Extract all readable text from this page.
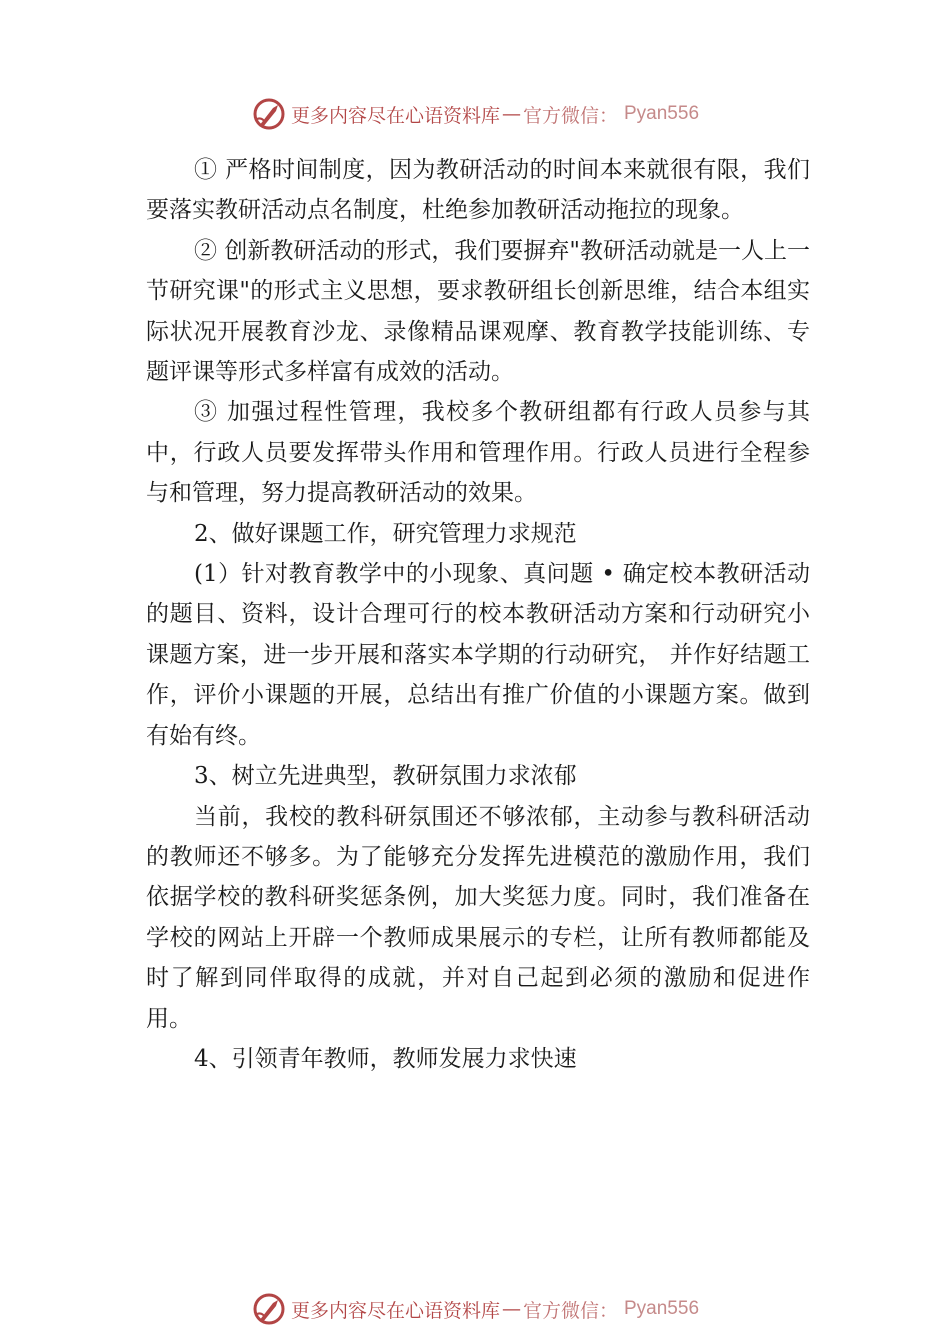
更多内容尽在心语资料库 — 官方微信： Pyan556

① 严格时间制度，因为教研活动的时间本来就很有限，我们要落实教研活动点名制度，杜绝参加教研活动拖拉的现象。

② 创新教研活动的形式，我们要摒弃"教研活动就是一人上一节研究课"的形式主义思想，要求教研组长创新思维，结合本组实际状况开展教育沙龙、录像精品课观摩、教育教学技能训练、专题评课等形式多样富有成效的活动。

③ 加强过程性管理，我校多个教研组都有行政人员参与其中，行政人员要发挥带头作用和管理作用。行政人员进行全程参与和管理，努力提高教研活动的效果。

2、做好课题工作，研究管理力求规范

(1）针对教育教学中的小现象、真问题 • 确定校本教研活动的题目、资料，设计合理可行的校本教研活动方案和行动研究小课题方案，进一步开展和落实本学期的行动研究， 并作好结题工作，评价小课题的开展，总结出有推广价值的小课题方案。做到有始有终。

3、树立先进典型，教研氛围力求浓郁

当前，我校的教科研氛围还不够浓郁，主动参与教科研活动的教师还不够多。为了能够充分发挥先进模范的激励作用，我们依据学校的教科研奖惩条例，加大奖惩力度。同时，我们准备在学校的网站上开辟一个教师成果展示的专栏，让所有教师都能及时了解到同伴取得的成就，并对自己起到必须的激励和促进作用。

4、引领青年教师，教师发展力求快速

更多内容尽在心语资料库 — 官方微信： Pyan556
